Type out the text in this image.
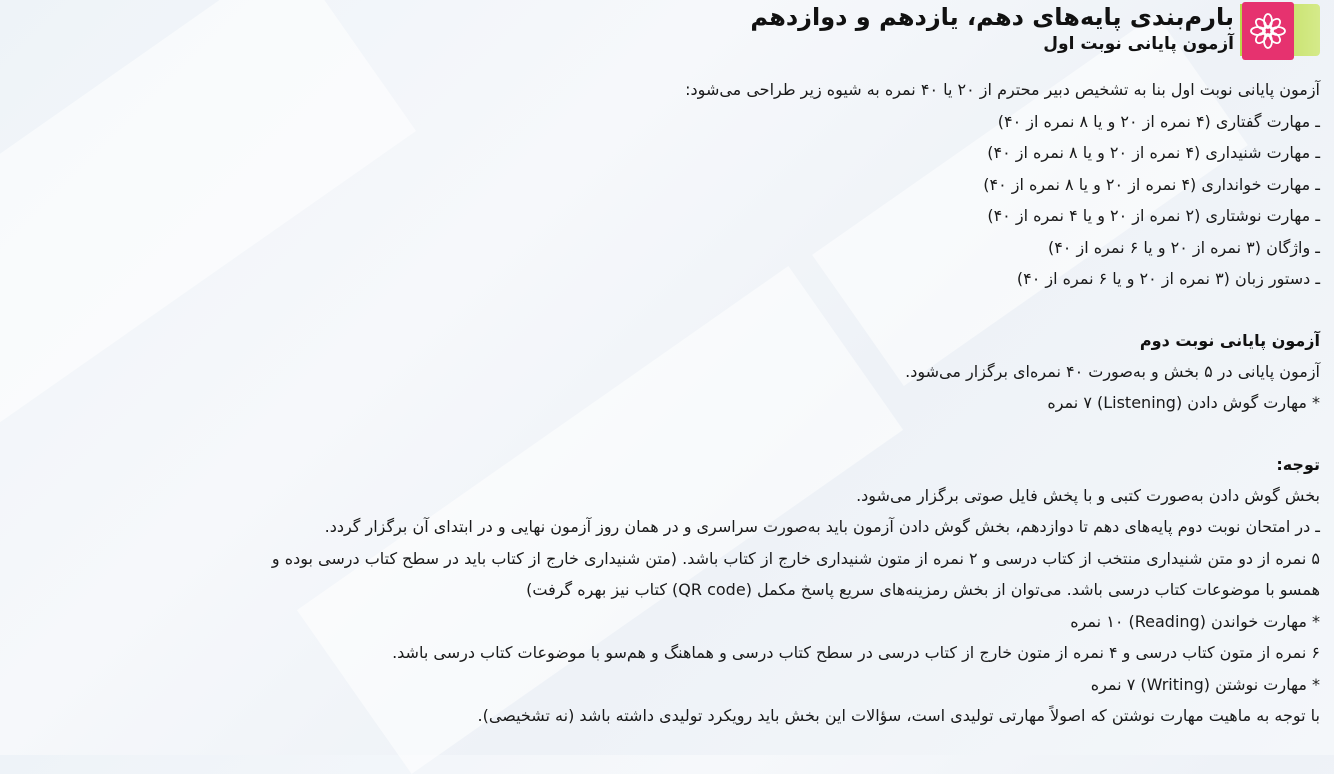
بارم‌بندی پایه‌های دهم، یازدهم و دوازدهم
آزمون پایانی نوبت اول
آزمون پایانی نوبت اول بنا به تشخیص دبیر محترم از ۲۰ یا ۴۰ نمره به شیوه زیر طراحی می‌شود:
ـ مهارت گفتاری (۴ نمره از ۲۰ و یا ۸ نمره از ۴۰)
ـ مهارت شنیداری (۴ نمره از ۲۰ و یا ۸ نمره از ۴۰)
ـ مهارت خوانداری (۴ نمره از ۲۰ و یا ۸ نمره از ۴۰)
ـ مهارت نوشتاری (۲ نمره از ۲۰ و یا ۴ نمره از ۴۰)
ـ واژگان (۳ نمره از ۲۰ و یا ۶ نمره از ۴۰)
ـ دستور زبان (۳ نمره از ۲۰ و یا ۶ نمره از ۴۰)
آزمون پایانی نوبت دوم
آزمون پایانی در ۵ بخش و به‌صورت ۴۰ نمره‌ای برگزار می‌شود.
* مهارت گوش دادن (Listening) ۷ نمره
توجه:
بخش گوش دادن به‌صورت کتبی و با پخش فایل صوتی برگزار می‌شود.
ـ در امتحان نوبت دوم پایه‌های دهم تا دوازدهم، بخش گوش دادن آزمون باید به‌صورت سراسری و در همان روز آزمون نهایی و در ابتدای آن برگزار گردد.
۵ نمره از دو متن شنیداری منتخب از کتاب درسی و ۲ نمره از متون شنیداری خارج از کتاب باشد. (متن شنیداری خارج از کتاب باید در سطح کتاب درسی بوده و
همسو با موضوعات کتاب درسی باشد. می‌توان از بخش رمزینه‌های سریع پاسخ مکمل (QR code) کتاب نیز بهره گرفت)
* مهارت خواندن (Reading) ۱۰ نمره
۶ نمره از متون کتاب درسی و ۴ نمره از متون خارج از کتاب درسی در سطح کتاب درسی و هماهنگ و هم‌سو با موضوعات کتاب درسی باشد.
* مهارت نوشتن (Writing) ۷ نمره
با توجه به ماهیت مهارت نوشتن که اصولاً مهارتی تولیدی است، سؤالات این بخش باید رویکرد تولیدی داشته باشد (نه تشخیصی).
